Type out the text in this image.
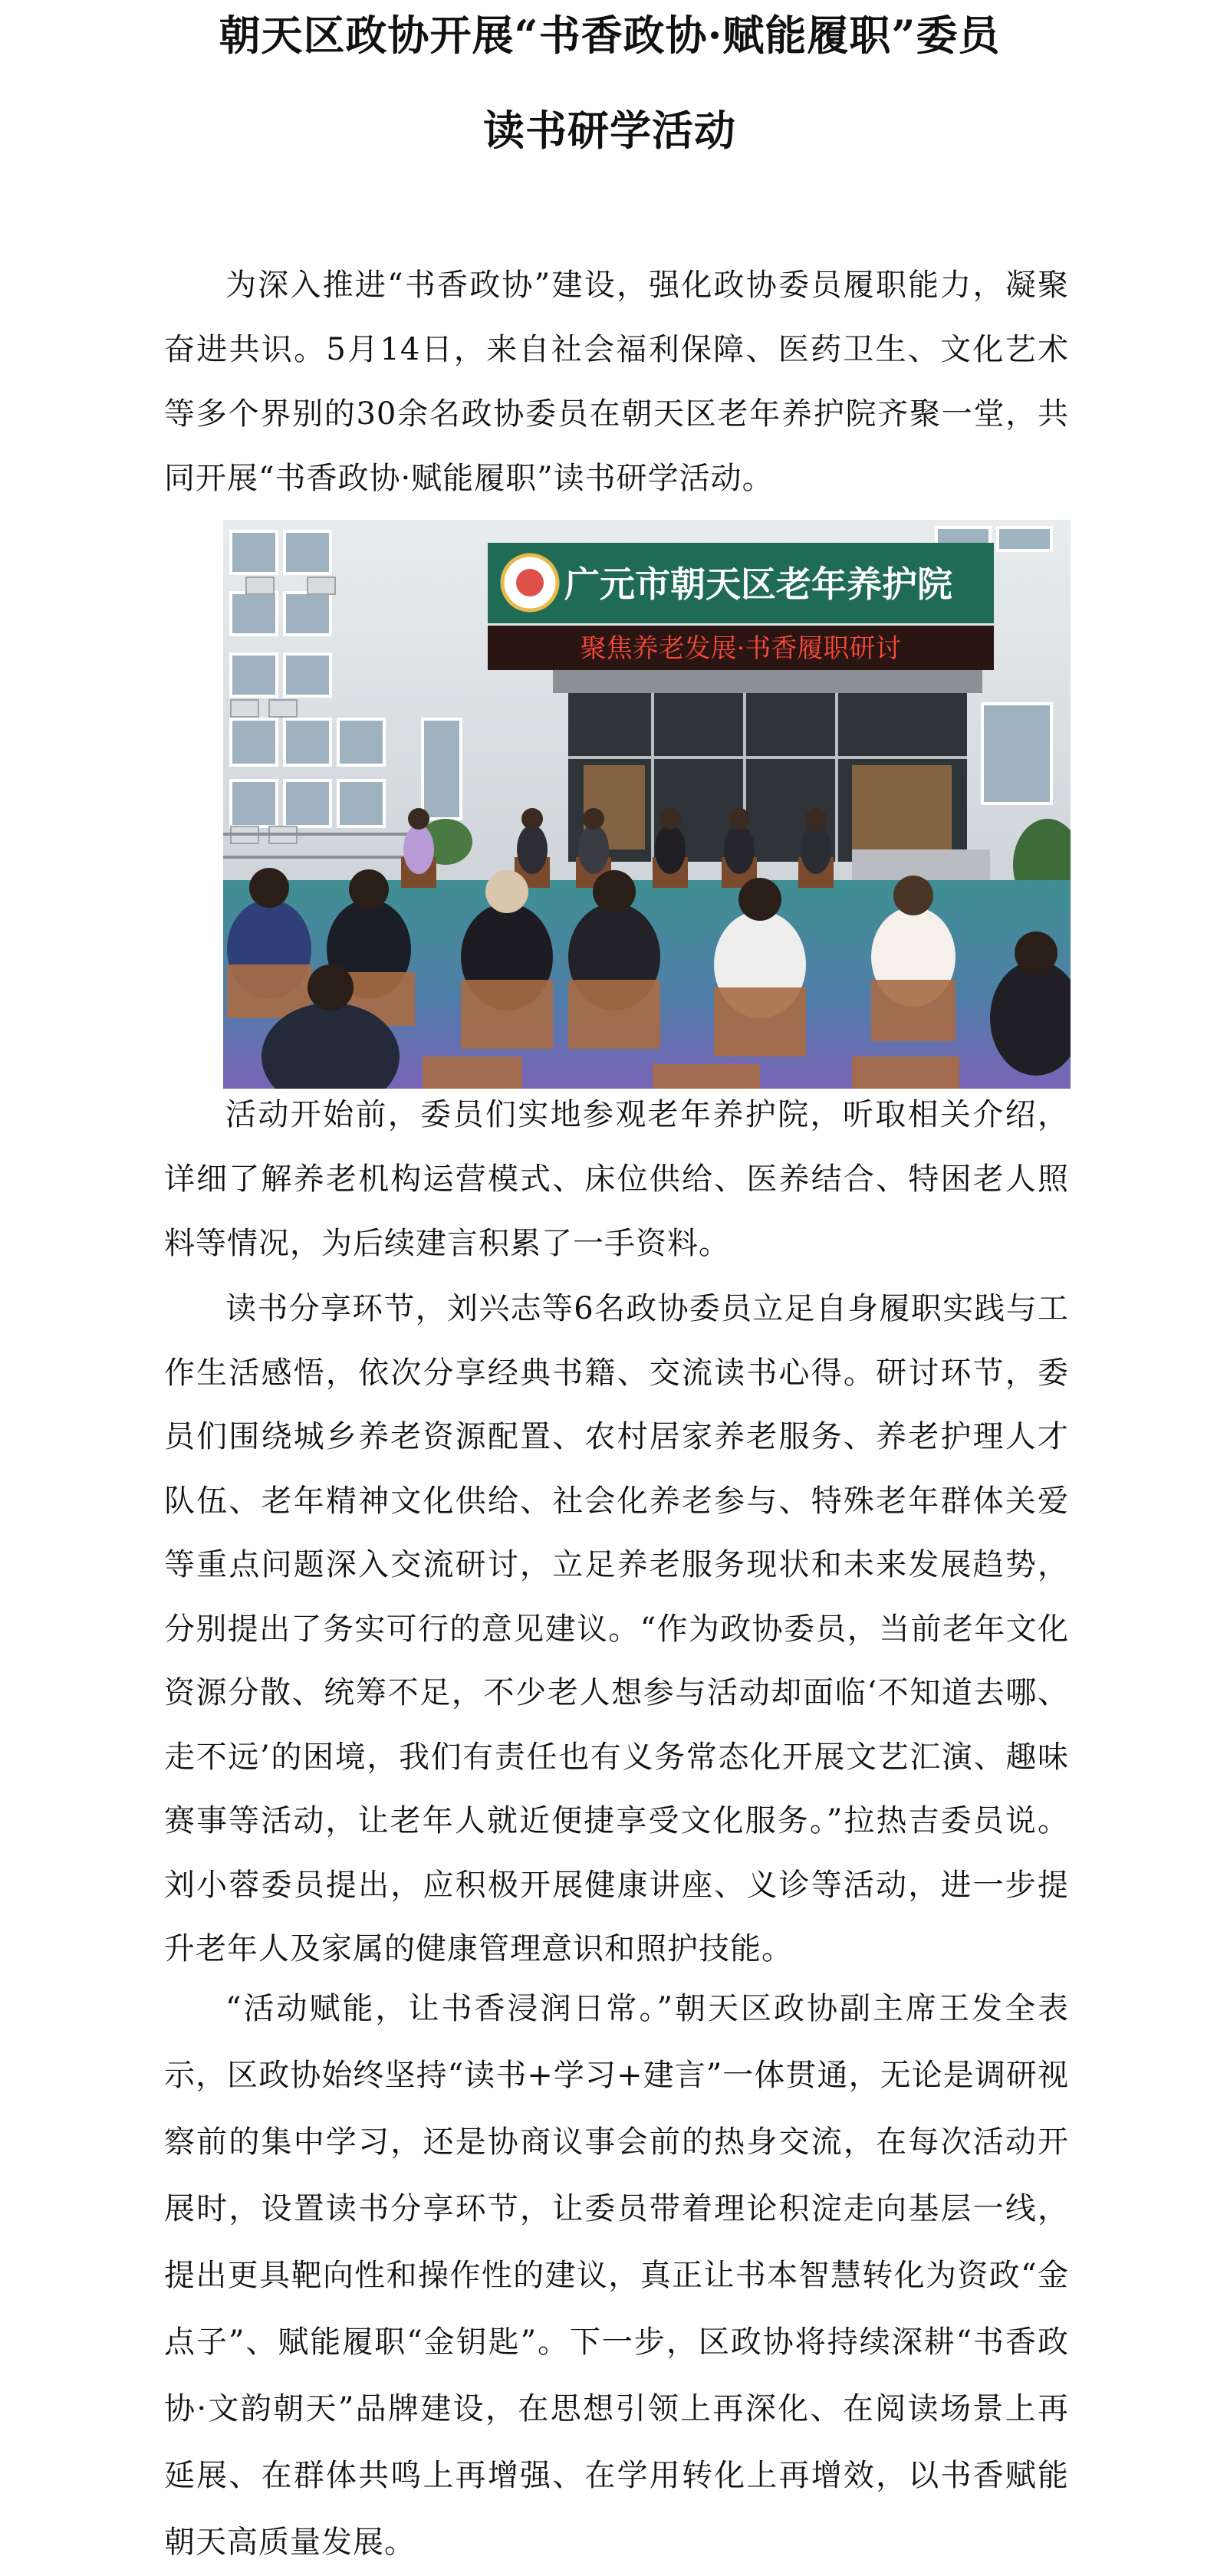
朝天区政协开展“书香政协·赋能履职”委员
读书研学活动

为深入推进“书香政协”建设，强化政协委员履职能力，凝聚奋进共识。5月14日，来自社会福利保障、医药卫生、文化艺术等多个界别的30余名政协委员在朝天区老年养护院齐聚一堂，共同开展“书香政协·赋能履职”读书研学活动。

广元市朝天区老年养护院
聚焦养老发展·书香履职研讨

活动开始前，委员们实地参观老年养护院，听取相关介绍，详细了解养老机构运营模式、床位供给、医养结合、特困老人照料等情况，为后续建言积累了一手资料。

读书分享环节，刘兴志等6名政协委员立足自身履职实践与工作生活感悟，依次分享经典书籍、交流读书心得。研讨环节，委员们围绕城乡养老资源配置、农村居家养老服务、养老护理人才队伍、老年精神文化供给、社会化养老参与、特殊老年群体关爱等重点问题深入交流研讨，立足养老服务现状和未来发展趋势，分别提出了务实可行的意见建议。“作为政协委员，当前老年文化资源分散、统筹不足，不少老人想参与活动却面临‘不知道去哪、走不远’的困境，我们有责任也有义务常态化开展文艺汇演、趣味赛事等活动，让老年人就近便捷享受文化服务。”拉热吉委员说。刘小蓉委员提出，应积极开展健康讲座、义诊等活动，进一步提升老年人及家属的健康管理意识和照护技能。

“活动赋能，让书香浸润日常。”朝天区政协副主席王发全表示，区政协始终坚持“读书+学习+建言”一体贯通，无论是调研视察前的集中学习，还是协商议事会前的热身交流，在每次活动开展时，设置读书分享环节，让委员带着理论积淀走向基层一线，提出更具靶向性和操作性的建议，真正让书本智慧转化为资政“金点子”、赋能履职“金钥匙”。下一步，区政协将持续深耕“书香政协·文韵朝天”品牌建设，在思想引领上再深化、在阅读场景上再延展、在群体共鸣上再增强、在学用转化上再增效，以书香赋能朝天高质量发展。
